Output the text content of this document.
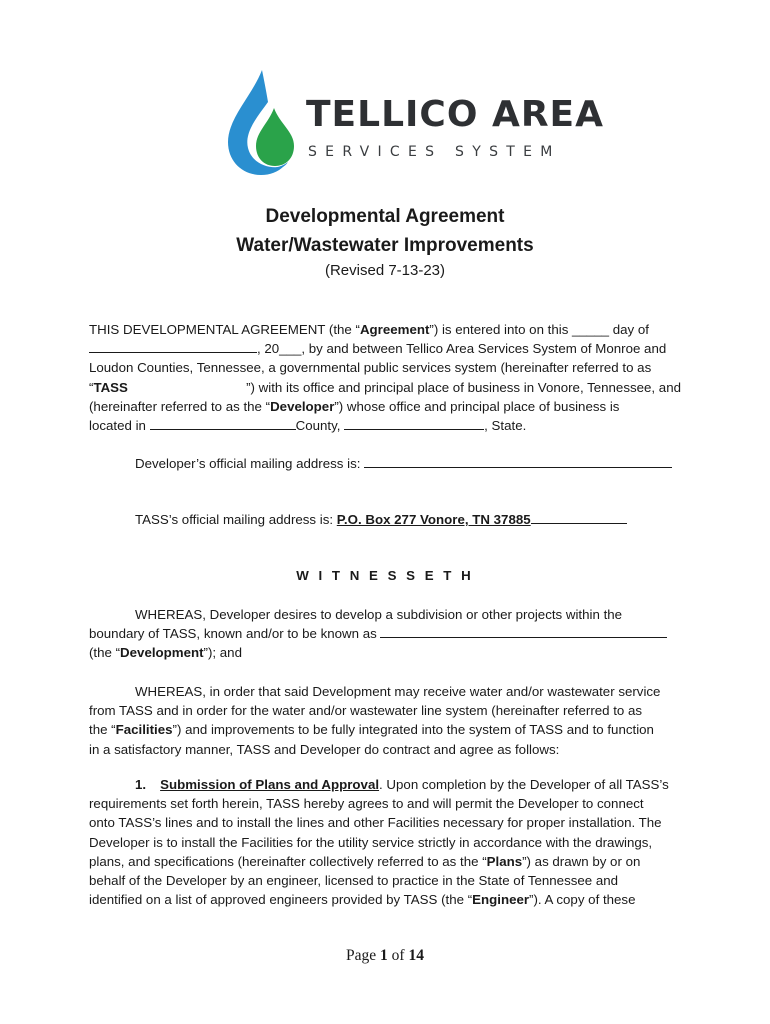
TELLICO AREA
SERVICES SYSTEM
Developmental Agreement
Water/Wastewater Improvements
(Revised 7-13-23)
THIS DEVELOPMENTAL AGREEMENT (the “Agreement”) is entered into on this _____ day of
, 20___, by and between Tellico Area Services System of Monroe and
Loudon Counties, Tennessee, a governmental public services system (hereinafter referred to as
“TASS	”) with its office and principal place of business in Vonore, Tennessee, and
(hereinafter referred to as the “Developer”) whose office and principal place of business is
located in	County,	, State.
Developer’s official mailing address is:
TASS’s official mailing address is: P.O. Box 277 Vonore, TN 37885
W I T N E S S E T H
WHEREAS, Developer desires to develop a subdivision or other projects within the
boundary of TASS, known and/or to be known as
(the “Development”); and
WHEREAS, in order that said Development may receive water and/or wastewater service
from TASS and in order for the water and/or wastewater line system (hereinafter referred to as
the “Facilities”) and improvements to be fully integrated into the system of TASS and to function
in a satisfactory manner, TASS and Developer do contract and agree as follows:
1. Submission of Plans and Approval. Upon completion by the Developer of all TASS’s
requirements set forth herein, TASS hereby agrees to and will permit the Developer to connect
onto TASS’s lines and to install the lines and other Facilities necessary for proper installation. The
Developer is to install the Facilities for the utility service strictly in accordance with the drawings,
plans, and specifications (hereinafter collectively referred to as the “Plans”) as drawn by or on
behalf of the Developer by an engineer, licensed to practice in the State of Tennessee and
identified on a list of approved engineers provided by TASS (the “Engineer”). A copy of these
Page 1 of 14
